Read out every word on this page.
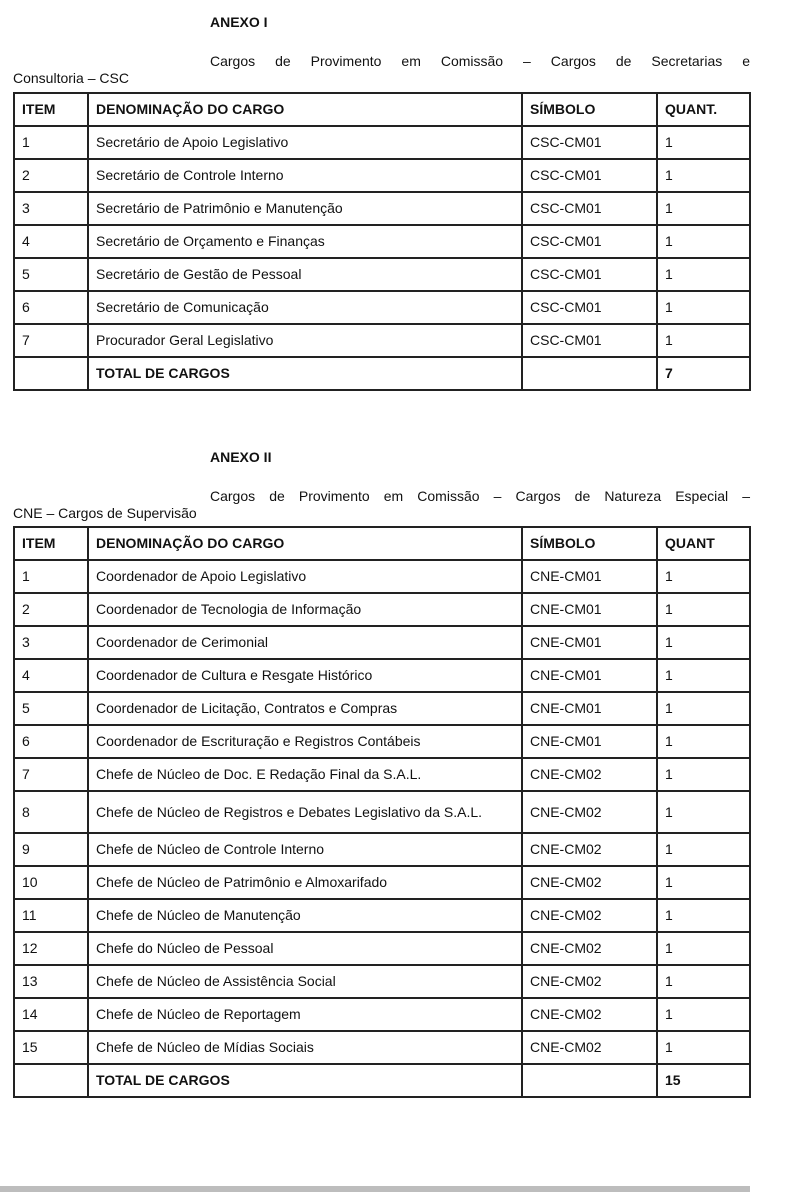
ANEXO I
Cargos de Provimento em Comissão – Cargos de Secretarias e
Consultoria – CSC
ITEM	DENOMINAÇÃO DO CARGO	SÍMBOLO	QUANT.
1	Secretário de Apoio Legislativo	CSC-CM01	1
2	Secretário de Controle Interno	CSC-CM01	1
3	Secretário de Patrimônio e Manutenção	CSC-CM01	1
4	Secretário de Orçamento e Finanças	CSC-CM01	1
5	Secretário de Gestão de Pessoal	CSC-CM01	1
6	Secretário de Comunicação	CSC-CM01	1
7	Procurador Geral Legislativo	CSC-CM01	1
	TOTAL DE CARGOS		7
ANEXO II
Cargos de Provimento em Comissão – Cargos de Natureza Especial –
CNE – Cargos de Supervisão
ITEM	DENOMINAÇÃO DO CARGO	SÍMBOLO	QUANT
1	Coordenador de Apoio Legislativo	CNE-CM01	1
2	Coordenador de Tecnologia de Informação	CNE-CM01	1
3	Coordenador de Cerimonial	CNE-CM01	1
4	Coordenador de Cultura e Resgate Histórico	CNE-CM01	1
5	Coordenador de Licitação, Contratos e Compras	CNE-CM01	1
6	Coordenador de Escrituração e Registros Contábeis	CNE-CM01	1
7	Chefe de Núcleo de Doc. E Redação Final da S.A.L.	CNE-CM02	1
8	Chefe de Núcleo de Registros e Debates Legislativo da S.A.L.	CNE-CM02	1
9	Chefe de Núcleo de Controle Interno	CNE-CM02	1
10	Chefe de Núcleo de Patrimônio e Almoxarifado	CNE-CM02	1
11	Chefe de Núcleo de Manutenção	CNE-CM02	1
12	Chefe do Núcleo de Pessoal	CNE-CM02	1
13	Chefe de Núcleo de Assistência Social	CNE-CM02	1
14	Chefe de Núcleo de Reportagem	CNE-CM02	1
15	Chefe de Núcleo de Mídias Sociais	CNE-CM02	1
	TOTAL DE CARGOS		15
